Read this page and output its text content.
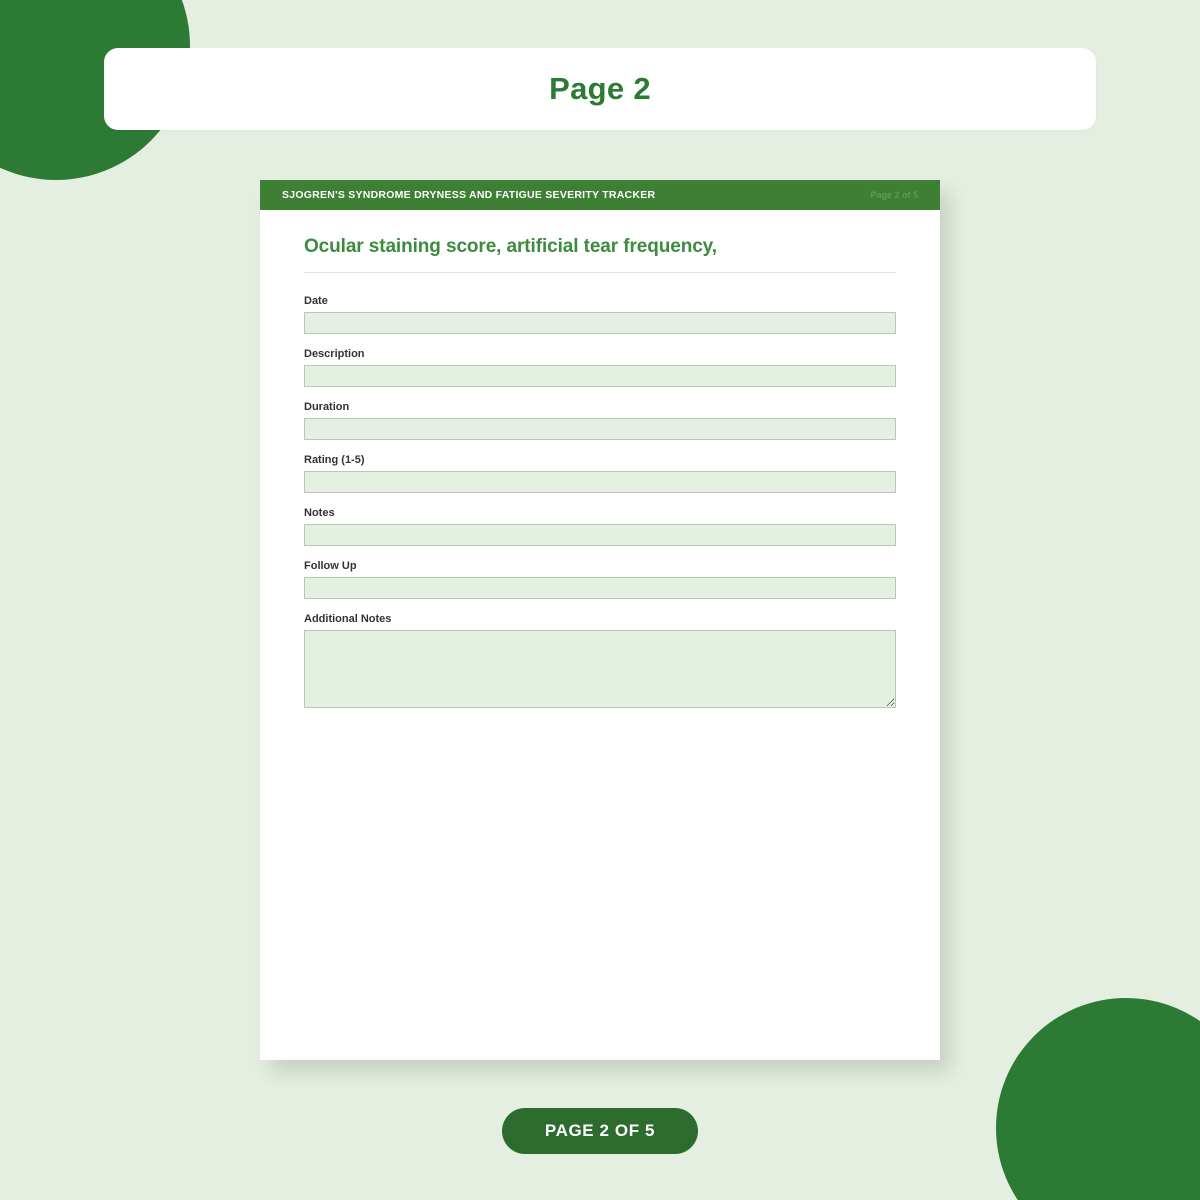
Page 2
SJOGREN'S SYNDROME DRYNESS AND FATIGUE SEVERITY TRACKER	Page 2 of 5
Ocular staining score, artificial tear frequency,
Date
Description
Duration
Rating (1-5)
Notes
Follow Up
Additional Notes
PAGE 2 OF 5
